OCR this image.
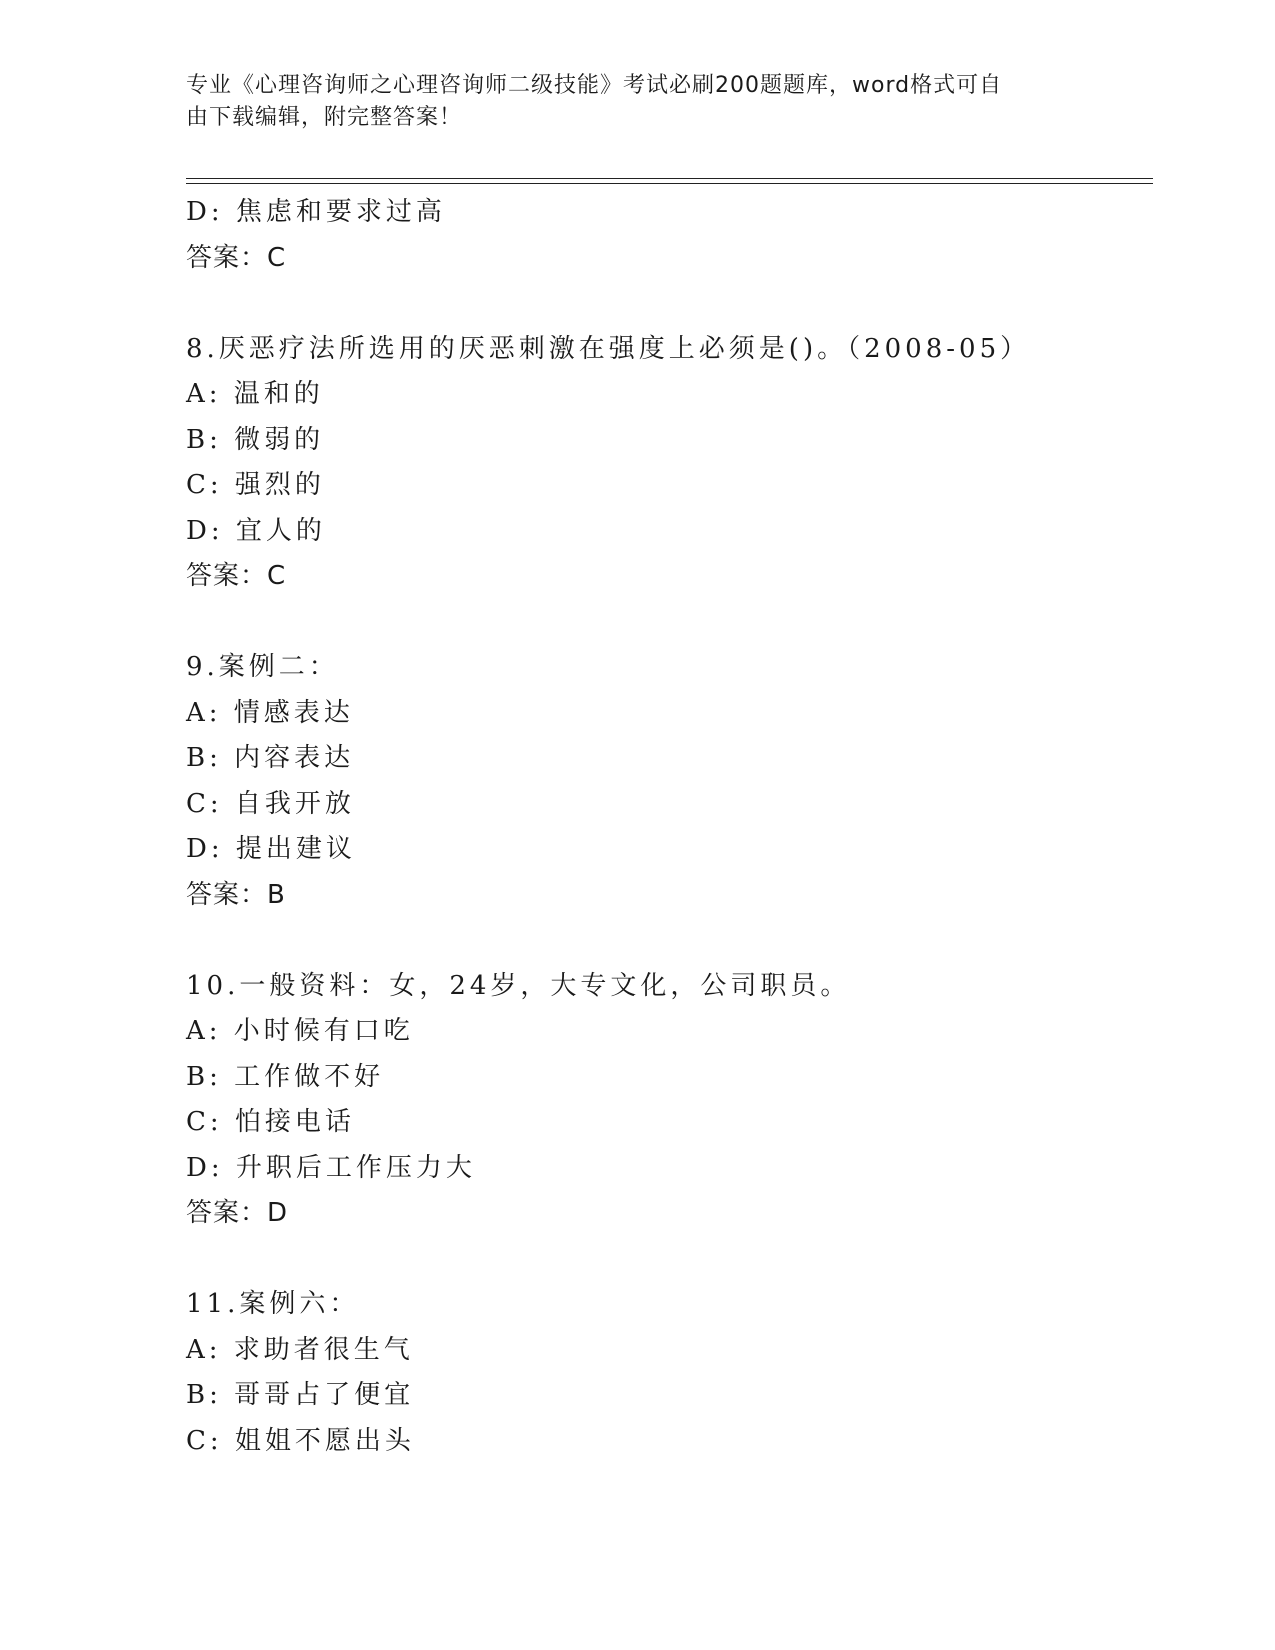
专业《心理咨询师之心理咨询师二级技能》考试必刷200题题库，word格式可自
由下载编辑，附完整答案！
D: 焦虑和要求过高
答案：C
8.厌恶疗法所选用的厌恶刺激在强度上必须是()。（2008-05）
A: 温和的
B: 微弱的
C: 强烈的
D: 宜人的
答案：C
9.案例二：
A: 情感表达
B: 内容表达
C: 自我开放
D: 提出建议
答案：B
10.一般资料：女，24岁，大专文化，公司职员。
A: 小时候有口吃
B: 工作做不好
C: 怕接电话
D: 升职后工作压力大
答案：D
11.案例六：
A: 求助者很生气
B: 哥哥占了便宜
C: 姐姐不愿出头
